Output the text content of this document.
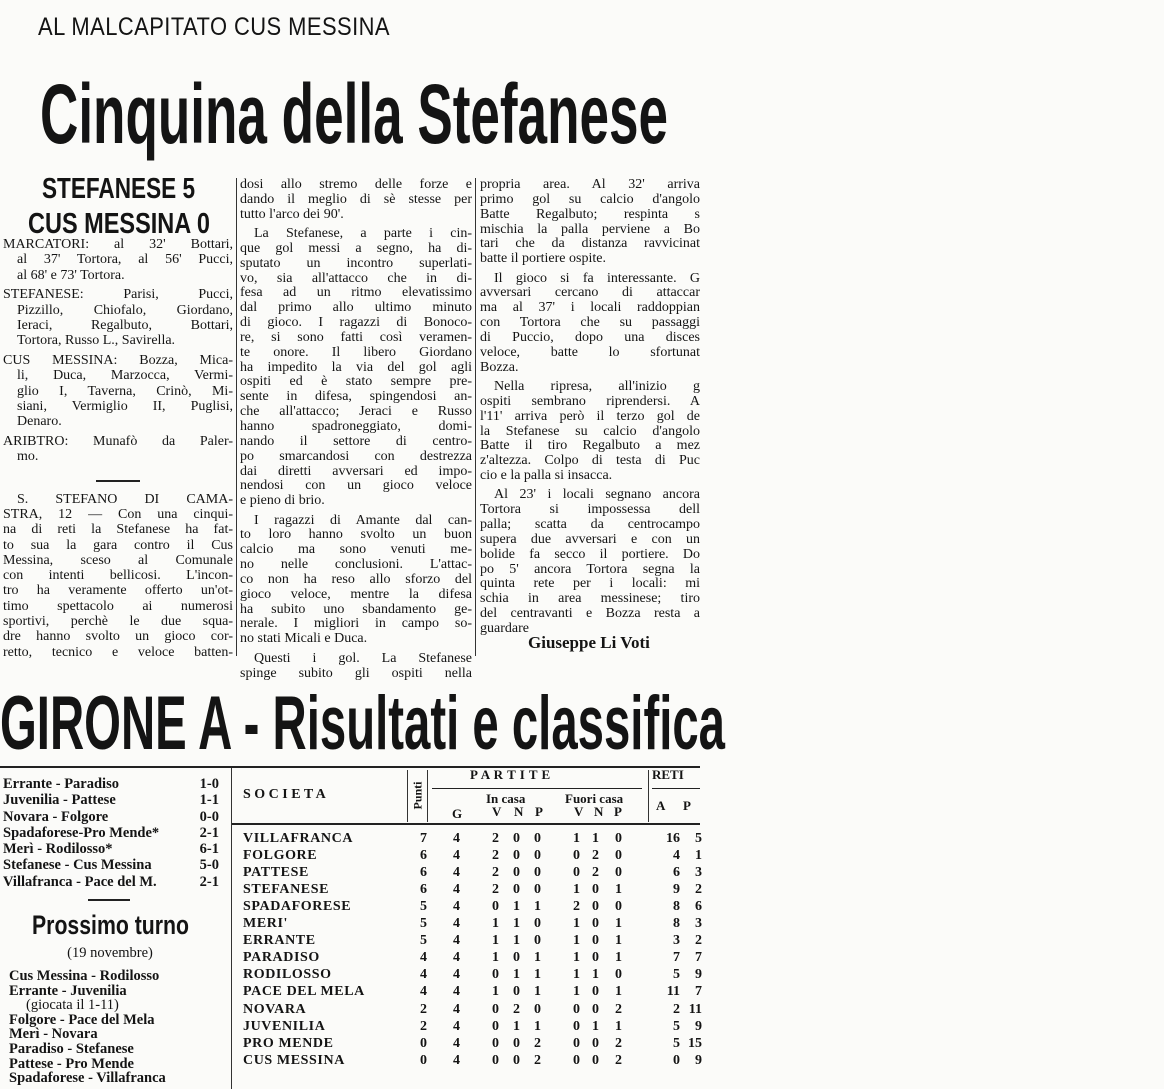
AL MALCAPITATO CUS MESSINA
Cinquina della Stefanese
STEFANESE 5
CUS MESSINA 0
MARCATORI: al 32' Bottari,
al 37' Tortora, al 56' Pucci,
al 68' e 73' Tortora.
STEFANESE: Parisi, Pucci,
Pizzillo, Chiofalo, Giordano,
Ieraci, Regalbuto, Bottari,
Tortora, Russo L., Savirella.
CUS MESSINA: Bozza, Mica-
li, Duca, Marzocca, Vermi-
glio I, Taverna, Crinò, Mi-
siani, Vermiglio II, Puglisi,
Denaro.
ARIBTRO: Munafò da Paler-
mo.
S. STEFANO DI CAMA-
STRA, 12 — Con una cinqui-
na di reti la Stefanese ha fat-
to sua la gara contro il Cus
Messina, sceso al Comunale
con intenti bellicosi. L'incon-
tro ha veramente offerto un'ot-
timo spettacolo ai numerosi
sportivi, perchè le due squa-
dre hanno svolto un gioco cor-
retto, tecnico e veloce batten-
dosi allo stremo delle forze e
dando il meglio di sè stesse per
tutto l'arco dei 90'.
La Stefanese, a parte i cin-
que gol messi a segno, ha di-
sputato un incontro superlati-
vo, sia all'attacco che in di-
fesa ad un ritmo elevatissimo
dal primo allo ultimo minuto
di gioco. I ragazzi di Bonoco-
re, si sono fatti così veramen-
te onore. Il libero Giordano
ha impedito la via del gol agli
ospiti ed è stato sempre pre-
sente in difesa, spingendosi an-
che all'attacco; Jeraci e Russo
hanno spadroneggiato, domi-
nando il settore di centro-
po smarcandosi con destrezza
dai diretti avversari ed impo-
nendosi con un gioco veloce
e pieno di brio.
I ragazzi di Amante dal can-
to loro hanno svolto un buon
calcio ma sono venuti me-
no nelle conclusioni. L'attac-
co non ha reso allo sforzo del
gioco veloce, mentre la difesa
ha subito uno sbandamento ge-
nerale. I migliori in campo so-
no stati Micali e Duca.
Questi i gol. La Stefanese
spinge subito gli ospiti nella
propria area. Al 32' arriva
primo gol su calcio d'angolo
Batte Regalbuto; respinta s
mischia la palla perviene a Bo
tari che da distanza ravvicinat
batte il portiere ospite.
Il gioco si fa interessante. G
avversari cercano di attaccar
ma al 37' i locali raddoppian
con Tortora che su passaggi
di Puccio, dopo una disces
veloce, batte lo sfortunat
Bozza.
Nella ripresa, all'inizio g
ospiti sembrano riprendersi. A
l'11' arriva però il terzo gol de
la Stefanese su calcio d'angolo
Batte il tiro Regalbuto a mez
z'altezza. Colpo di testa di Puc
cio e la palla si insacca.
Al 23' i locali segnano ancora
Tortora si impossessa dell
palla; scatta da centrocampo
supera due avversari e con un
bolide fa secco il portiere. Do
po 5' ancora Tortora segna la
quinta rete per i locali: mi
schia in area messinese; tiro
del centravanti e Bozza resta a
guardare
Giuseppe Li Voti
GIRONE A - Risultati e classifica
Errante - Paradiso	1-0
Juvenilia - Pattese	1-1
Novara - Folgore	0-0
Spadaforese-Pro Mende*	2-1
Merì - Rodilosso*	6-1
Stefanese - Cus Messina	5-0
Villafranca - Pace del M.	2-1
Prossimo turno
(19 novembre)
Cus Messina - Rodilosso
Errante - Juvenilia
(giocata il 1-11)
Folgore - Pace del Mela
Merì - Novara
Paradiso - Stefanese
Pattese - Pro Mende
Spadaforese - Villafranca
S O C I E T A	Punti
P A R T I T E	RETI
G
In casa
V N P
Fuori casa
V N P	A P
VILLAFRANCA	7	4	2	0	0	1 1	0	16	5
FOLGORE	6	4	2	0	0	0 2	0	4	1
PATTESE	6	4	2	0	0	0 2	0	6	3
STEFANESE	6	4	2	0	0	1 0	1	9	2
SPADAFORESE	5	4	0	1	1	2 0	0	8	6
MERI'	5	4	1	1	0	1 0	1	8	3
ERRANTE	5	4	1	1	0	1 0	1	3	2
PARADISO	4	4	1	0	1	1 0	1	7	7
RODILOSSO	4	4	0	1	1	1 1	0	5	9
PACE DEL MELA	4	4	1	0	1	1 0	1	11	7
NOVARA	2	4	0	2	0	0 0	2	2 11
JUVENILIA	2	4	0	1	1	0 1	1	5	9
PRO MENDE	0	4	0	0	2	0 0	2	5 15
CUS MESSINA	0	4	0	0	2	0 0	2	0	9
